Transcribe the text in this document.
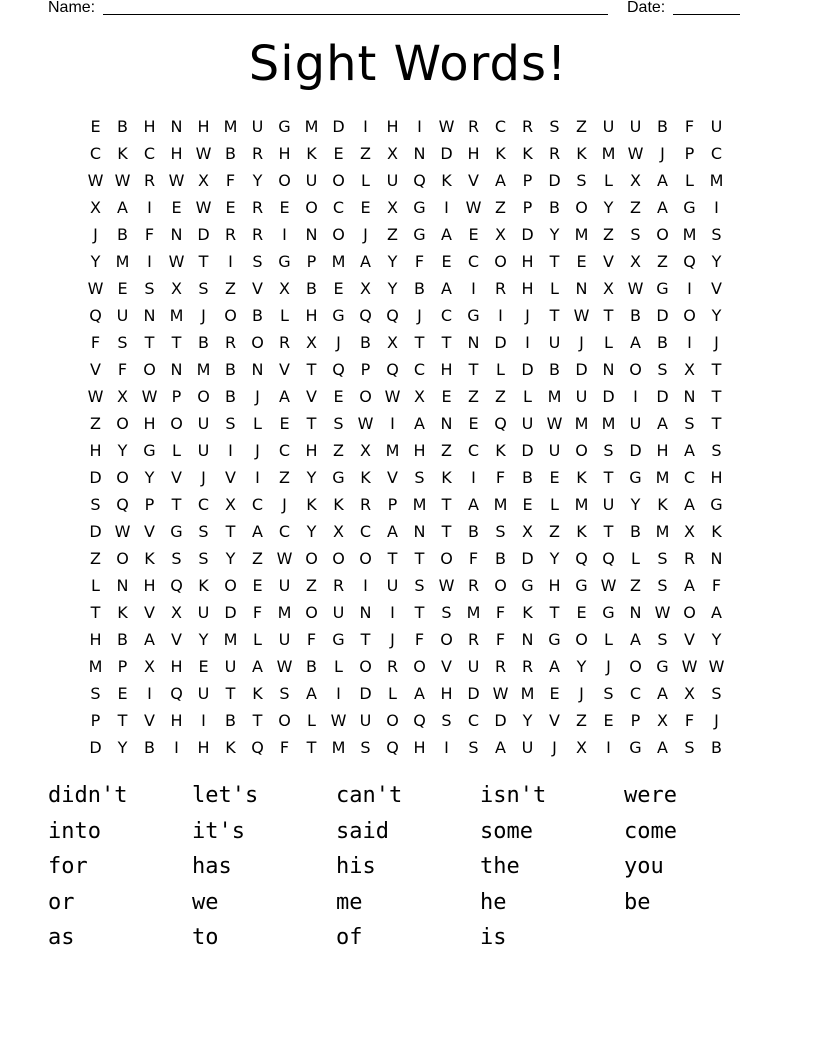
Name:	Date:
Sight Words!
E	B H N H M U G M D	I	H	I	W R C R	S	Z U U B	F	U
C	K	C H W B R H K	E	Z	X N D H K	K	R	K M W	J	P	C
W W R W X	F	Y O U O	L	U Q K	V	A	P	D S	L	X	A	L M
X	A	I	E W E	R	E O C	E	X G	I	W Z	P	B O Y	Z	A G	I
J	B	F	N D R R	I	N O	J	Z G A	E	X D Y M Z	S O M S
Y M	I	W T	I	S G P M A	Y	F	E	C O H	T	E	V	X	Z Q Y
W E	S	X	S	Z	V	X	B	E	X	Y	B	A	I	R H	L	N X W G	I	V
Q U N M	J	O B	L	H G Q Q	J	C G	I	J	T W T	B D O Y
F	S	T	T	B R O R X	J	B	X	T	T	N D	I	U	J	L	A	B	I	J
V	F	O N M B N V	T Q P Q C H	T	L	D B D N O S	X	T
W X W P O B	J	A	V	E O W X	E	Z	Z	L M U D	I	D N	T
Z O H O U	S	L	E	T	S W	I	A N E Q U W M M U A	S	T
H	Y G	L	U	I	J	C H Z	X M H Z C	K D U O S D H A	S
D O Y	V	J	V	I	Z	Y G K	V	S	K	I	F	B	E	K	T G M C H
S Q P	T	C X C	J	K	K	R	P M T	A M E	L M U	Y	K	A G
D W V G S	T	A C	Y	X C A N	T	B	S	X	Z	K	T	B M X	K
Z O K	S	S	Y	Z W O O O T	T O	F	B D Y Q Q	L	S	R N
L	N H Q K O E	U Z R	I	U	S W R O G H G W Z	S	A	F
T	K	V	X U D	F M O U N	I	T	S M F	K	T	E G N W O A
H B	A	V	Y M L	U	F	G T	J	F	O R	F	N G O	L	A	S	V	Y
M P	X H E	U A W B	L	O R O V U R R A	Y	J	O G W W
S	E	I	Q U	T	K	S	A	I	D	L	A H D W M E	J	S	C A	X	S
P	T	V H	I	B	T O	L W U O Q S	C D Y	V	Z	E	P	X	F	J
D Y	B	I	H K Q	F	T M S Q H	I	S	A U	J	X	I	G A	S	B
didn't	let's	can't	isn't	were
into	it's	said	some	come
for	has	his	the	you
or	we	me	he	be
as	to	of	is
